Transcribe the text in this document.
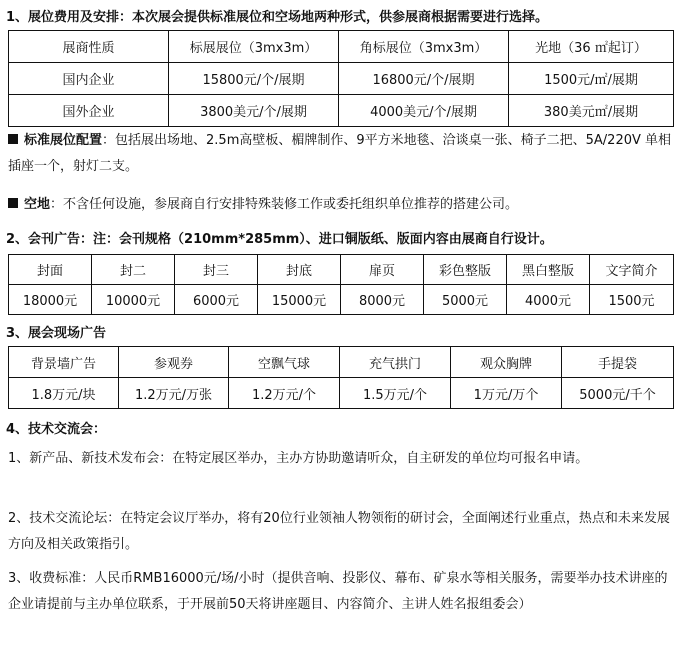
1、展位费用及安排：本次展会提供标准展位和空场地两种形式，供参展商根据需要进行选择。
展商性质	标展展位（3mx3m）	角标展位（3mx3m）	光地（36 ㎡起订）
国内企业	15800元/个/展期	16800元/个/展期	1500元/㎡/展期
国外企业	3800美元/个/展期	4000美元/个/展期	380美元㎡/展期
标准展位配置：包括展出场地、2.5m高壁板、楣牌制作、9平方米地毯、洽谈桌一张、椅子二把、5A/220V 单相插座一个，射灯二支。
空地：不含任何设施，参展商自行安排特殊装修工作或委托组织单位推荐的搭建公司。
2、会刊广告：注：会刊规格（210mm*285mm）、进口铜版纸、版面内容由展商自行设计。
封面	封二	封三	封底	扉页	彩色整版	黑白整版	文字简介
18000元	10000元	6000元	15000元	8000元	5000元	4000元	1500元
3、展会现场广告
背景墙广告	参观券	空飘气球	充气拱门	观众胸牌	手提袋
1.8万元/块	1.2万元/万张	1.2万元/个	1.5万元/个	1万元/万个	5000元/千个
4、技术交流会：
1、新产品、新技术发布会：在特定展区举办，主办方协助邀请听众，自主研发的单位均可报名申请。
2、技术交流论坛：在特定会议厅举办，将有20位行业领袖人物领衔的研讨会，全面阐述行业重点，热点和未来发展方向及相关政策指引。
3、收费标准：人民币RMB16000元/场/小时（提供音响、投影仪、幕布、矿泉水等相关服务，需要举办技术讲座的企业请提前与主办单位联系，于开展前50天将讲座题目、内容简介、主讲人姓名报组委会）
